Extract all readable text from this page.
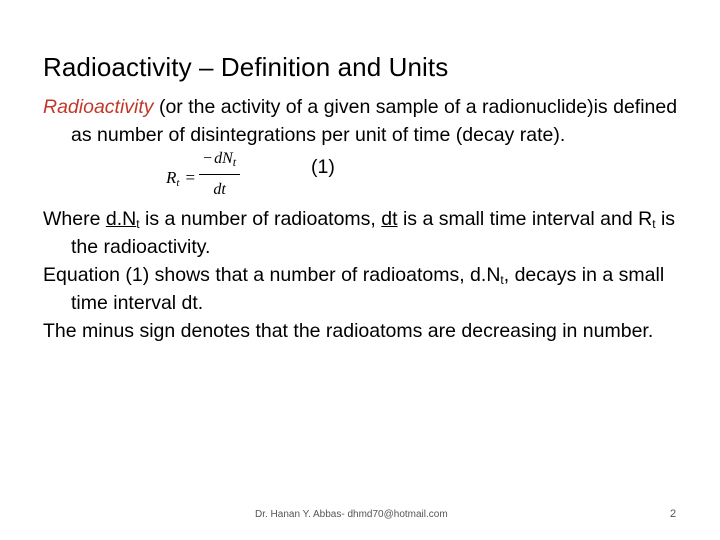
Radioactivity – Definition and Units

Radioactivity (or the activity of a given sample of a radionuclide)is defined as number of disintegrations per unit of time (decay rate).

$R_t = \frac{- dN_t}{dt}$	(1)

Where $d.N_t$ is a number of radioatoms, dt is a small time interval and $R_t$ is the radioactivity.

Equation (1) shows that a number of radioatoms, $d.N_t$, decays in a small time interval dt.

The minus sign denotes that the radioatoms are decreasing in number.

Dr. Hanan Y. Abbas- dhmd70@hotmail.com	2
